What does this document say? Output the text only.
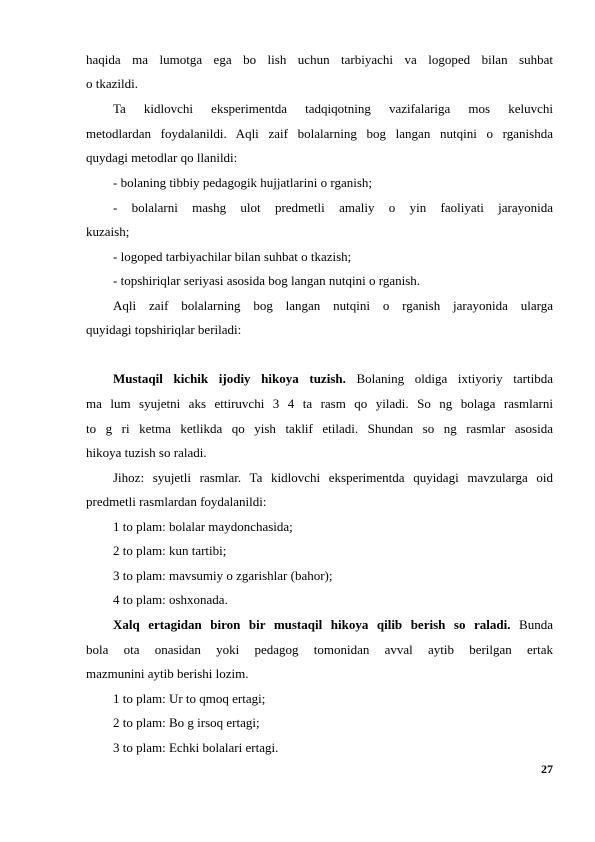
haqida ma lumotga ega bo lish uchun tarbiyachi va logoped bilan suhbat
o tkazildi.
Ta kidlovchi eksperimentda tadqiqotning vazifalariga mos keluvchi
metodlardan foydalanildi. Aqli zaif bolalarning bog langan nutqini o rganishda
quydagi metodlar qo llanildi:
- bolaning tibbiy pedagogik hujjatlarini o rganish;
- bolalarni mashg ulot predmetli amaliy o yin faoliyati jarayonida
kuzaish;
- logoped tarbiyachilar bilan suhbat o tkazish;
- topshiriqlar seriyasi asosida bog langan nutqini o rganish.
Aqli zaif bolalarning bog langan nutqini o rganish jarayonida ularga
quyidagi topshiriqlar beriladi:
Mustaqil kichik ijodiy hikoya tuzish. Bolaning oldiga ixtiyoriy tartibda
ma lum syujetni aks ettiruvchi 3 4 ta rasm qo yiladi. So ng bolaga rasmlarni
to g ri ketma ketlikda qo yish taklif etiladi. Shundan so ng rasmlar asosida
hikoya tuzish so raladi.
Jihoz: syujetli rasmlar. Ta kidlovchi eksperimentda quyidagi mavzularga oid
predmetli rasmlardan foydalanildi:
1 to plam: bolalar maydonchasida;
2 to plam: kun tartibi;
3 to plam: mavsumiy o zgarishlar (bahor);
4 to plam: oshxonada.
Xalq ertagidan biron bir mustaqil hikoya qilib berish so raladi. Bunda
bola ota onasidan yoki pedagog tomonidan avval aytib berilgan ertak
mazmunini aytib berishi lozim.
1 to plam: Ur to qmoq ertagi;
2 to plam: Bo g irsoq ertagi;
3 to plam: Echki bolalari ertagi.
27
